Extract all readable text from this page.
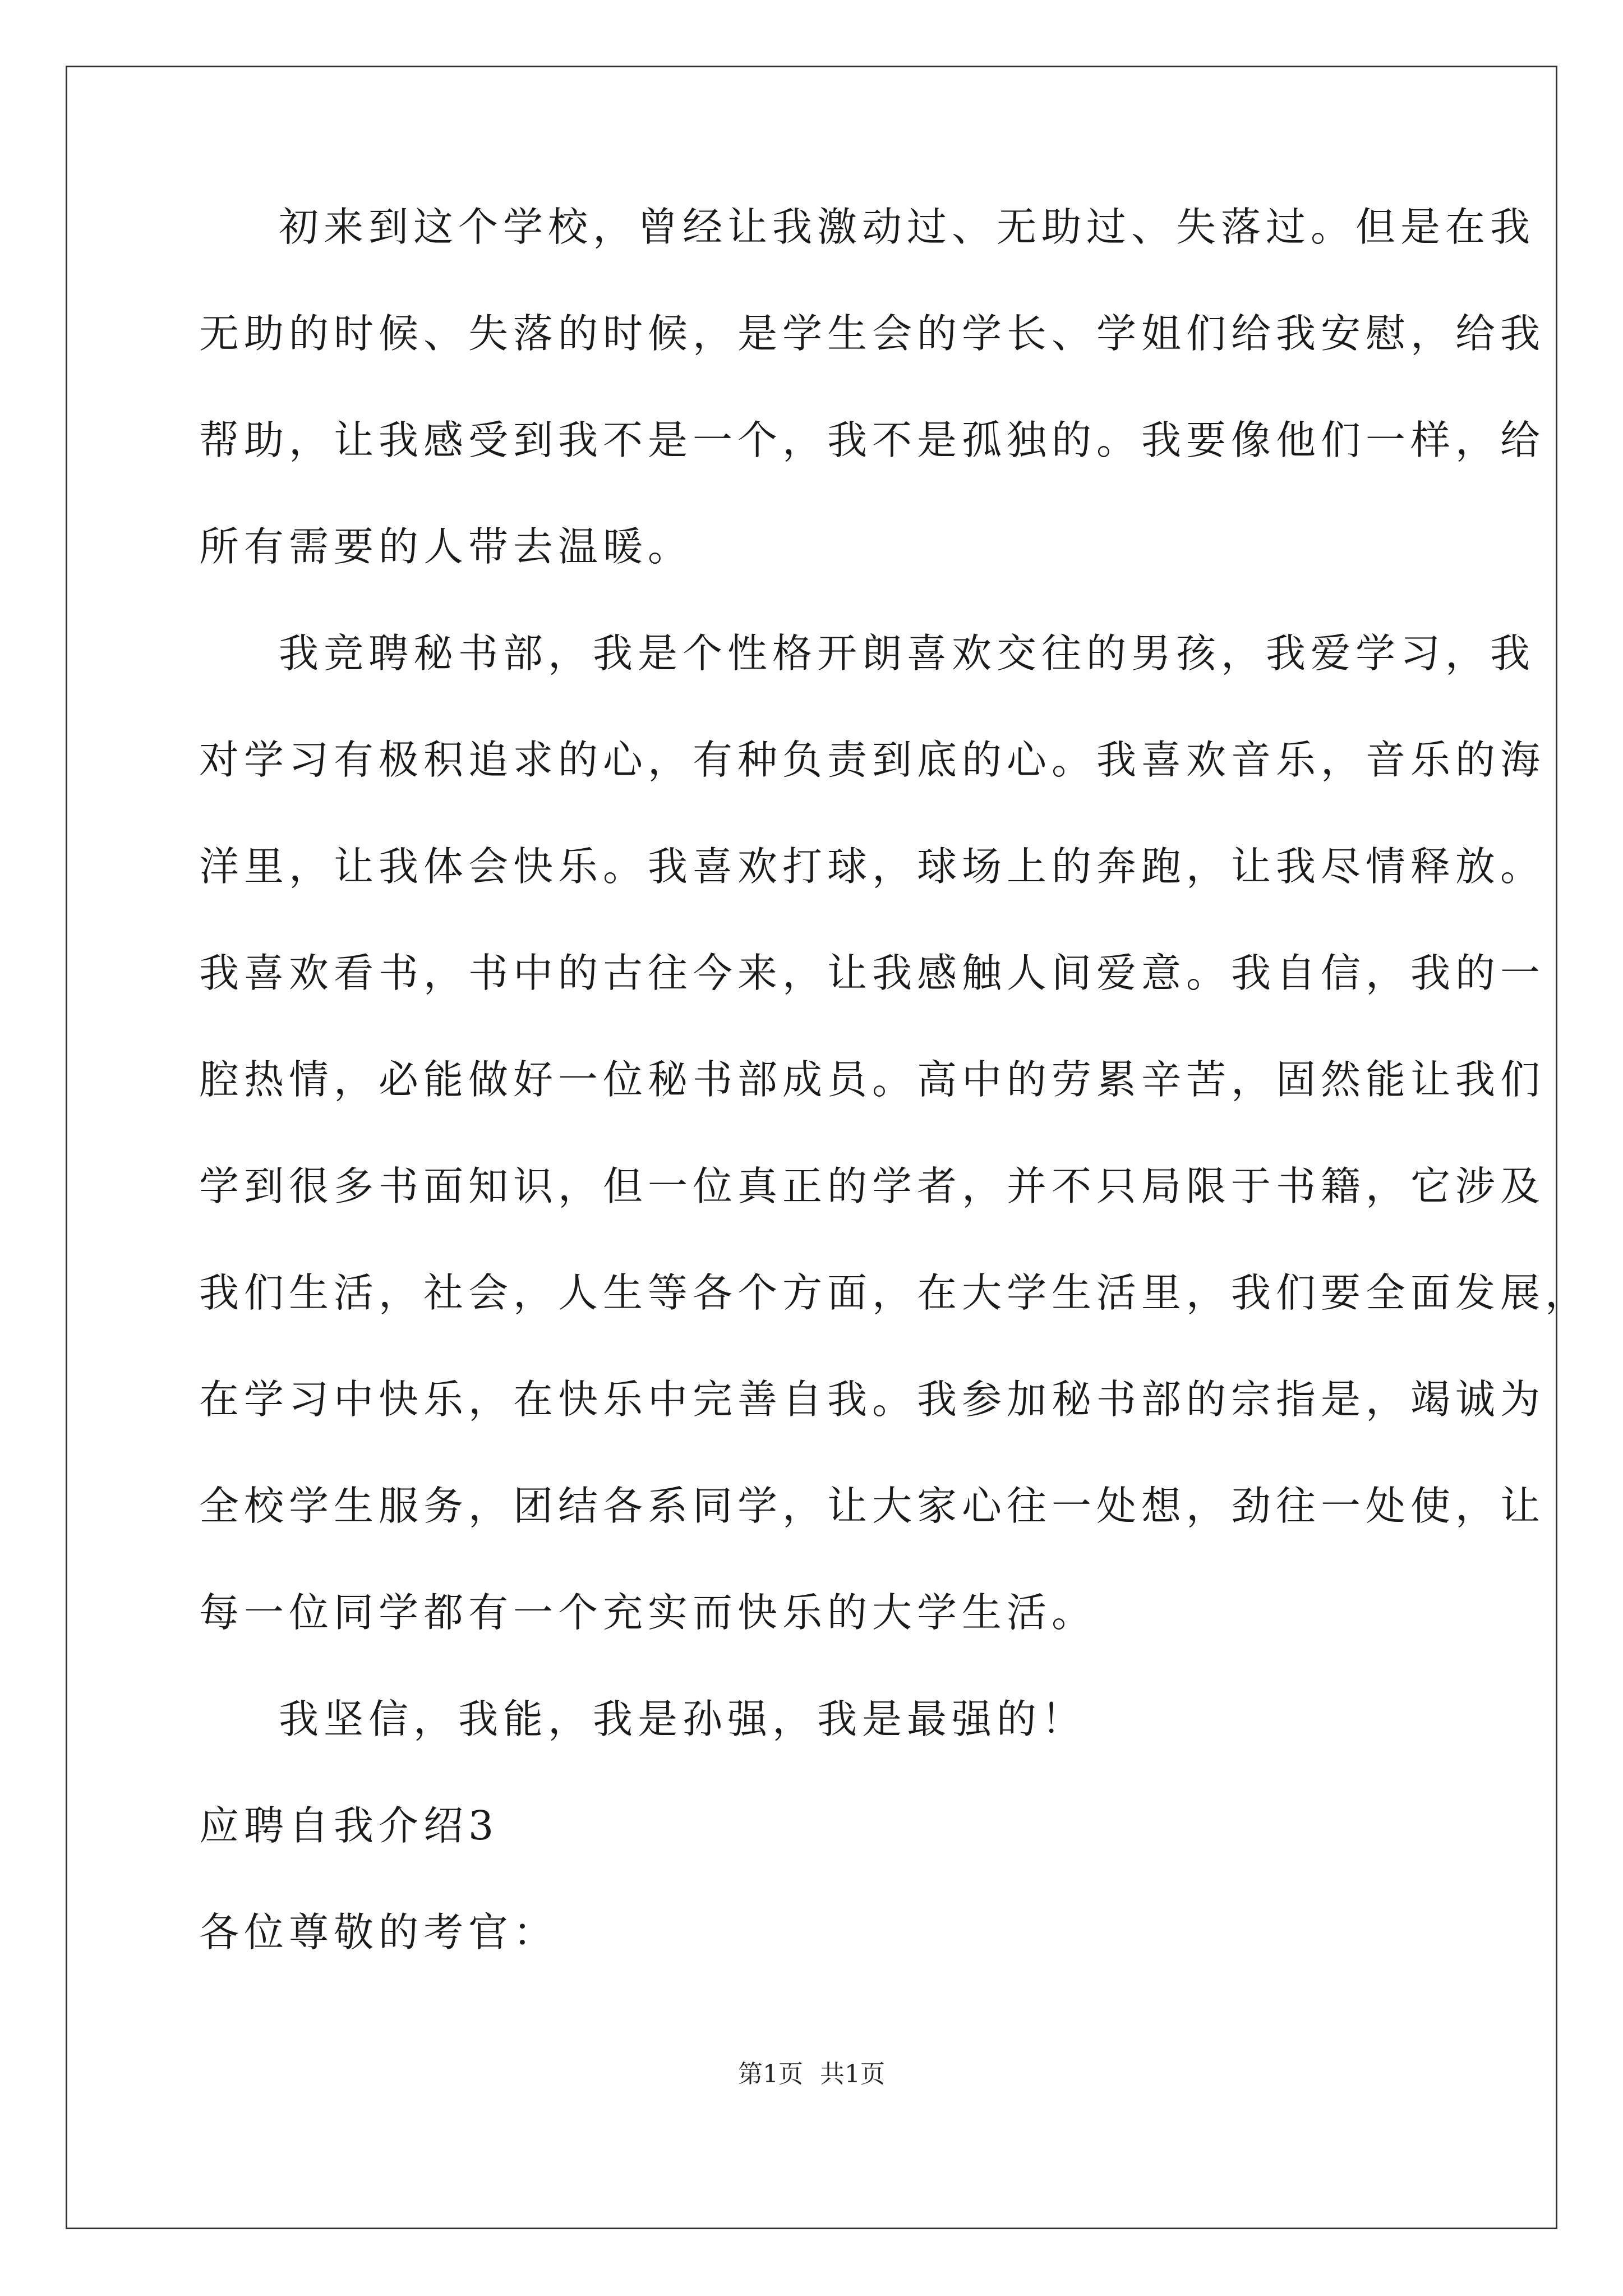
初来到这个学校，曾经让我激动过、无助过、失落过。但是在我
无助的时候、失落的时候，是学生会的学长、学姐们给我安慰，给我
帮助，让我感受到我不是一个，我不是孤独的。我要像他们一样，给
所有需要的人带去温暖。
我竞聘秘书部，我是个性格开朗喜欢交往的男孩，我爱学习，我
对学习有极积追求的心，有种负责到底的心。我喜欢音乐，音乐的海
洋里，让我体会快乐。我喜欢打球，球场上的奔跑，让我尽情释放。
我喜欢看书，书中的古往今来，让我感触人间爱意。我自信，我的一
腔热情，必能做好一位秘书部成员。高中的劳累辛苦，固然能让我们
学到很多书面知识，但一位真正的学者，并不只局限于书籍，它涉及
我们生活，社会，人生等各个方面，在大学生活里，我们要全面发展，
在学习中快乐，在快乐中完善自我。我参加秘书部的宗指是，竭诚为
全校学生服务，团结各系同学，让大家心往一处想，劲往一处使，让
每一位同学都有一个充实而快乐的大学生活。
我坚信，我能，我是孙强，我是最强的！
应聘自我介绍3
各位尊敬的考官：
第1页 共1页
